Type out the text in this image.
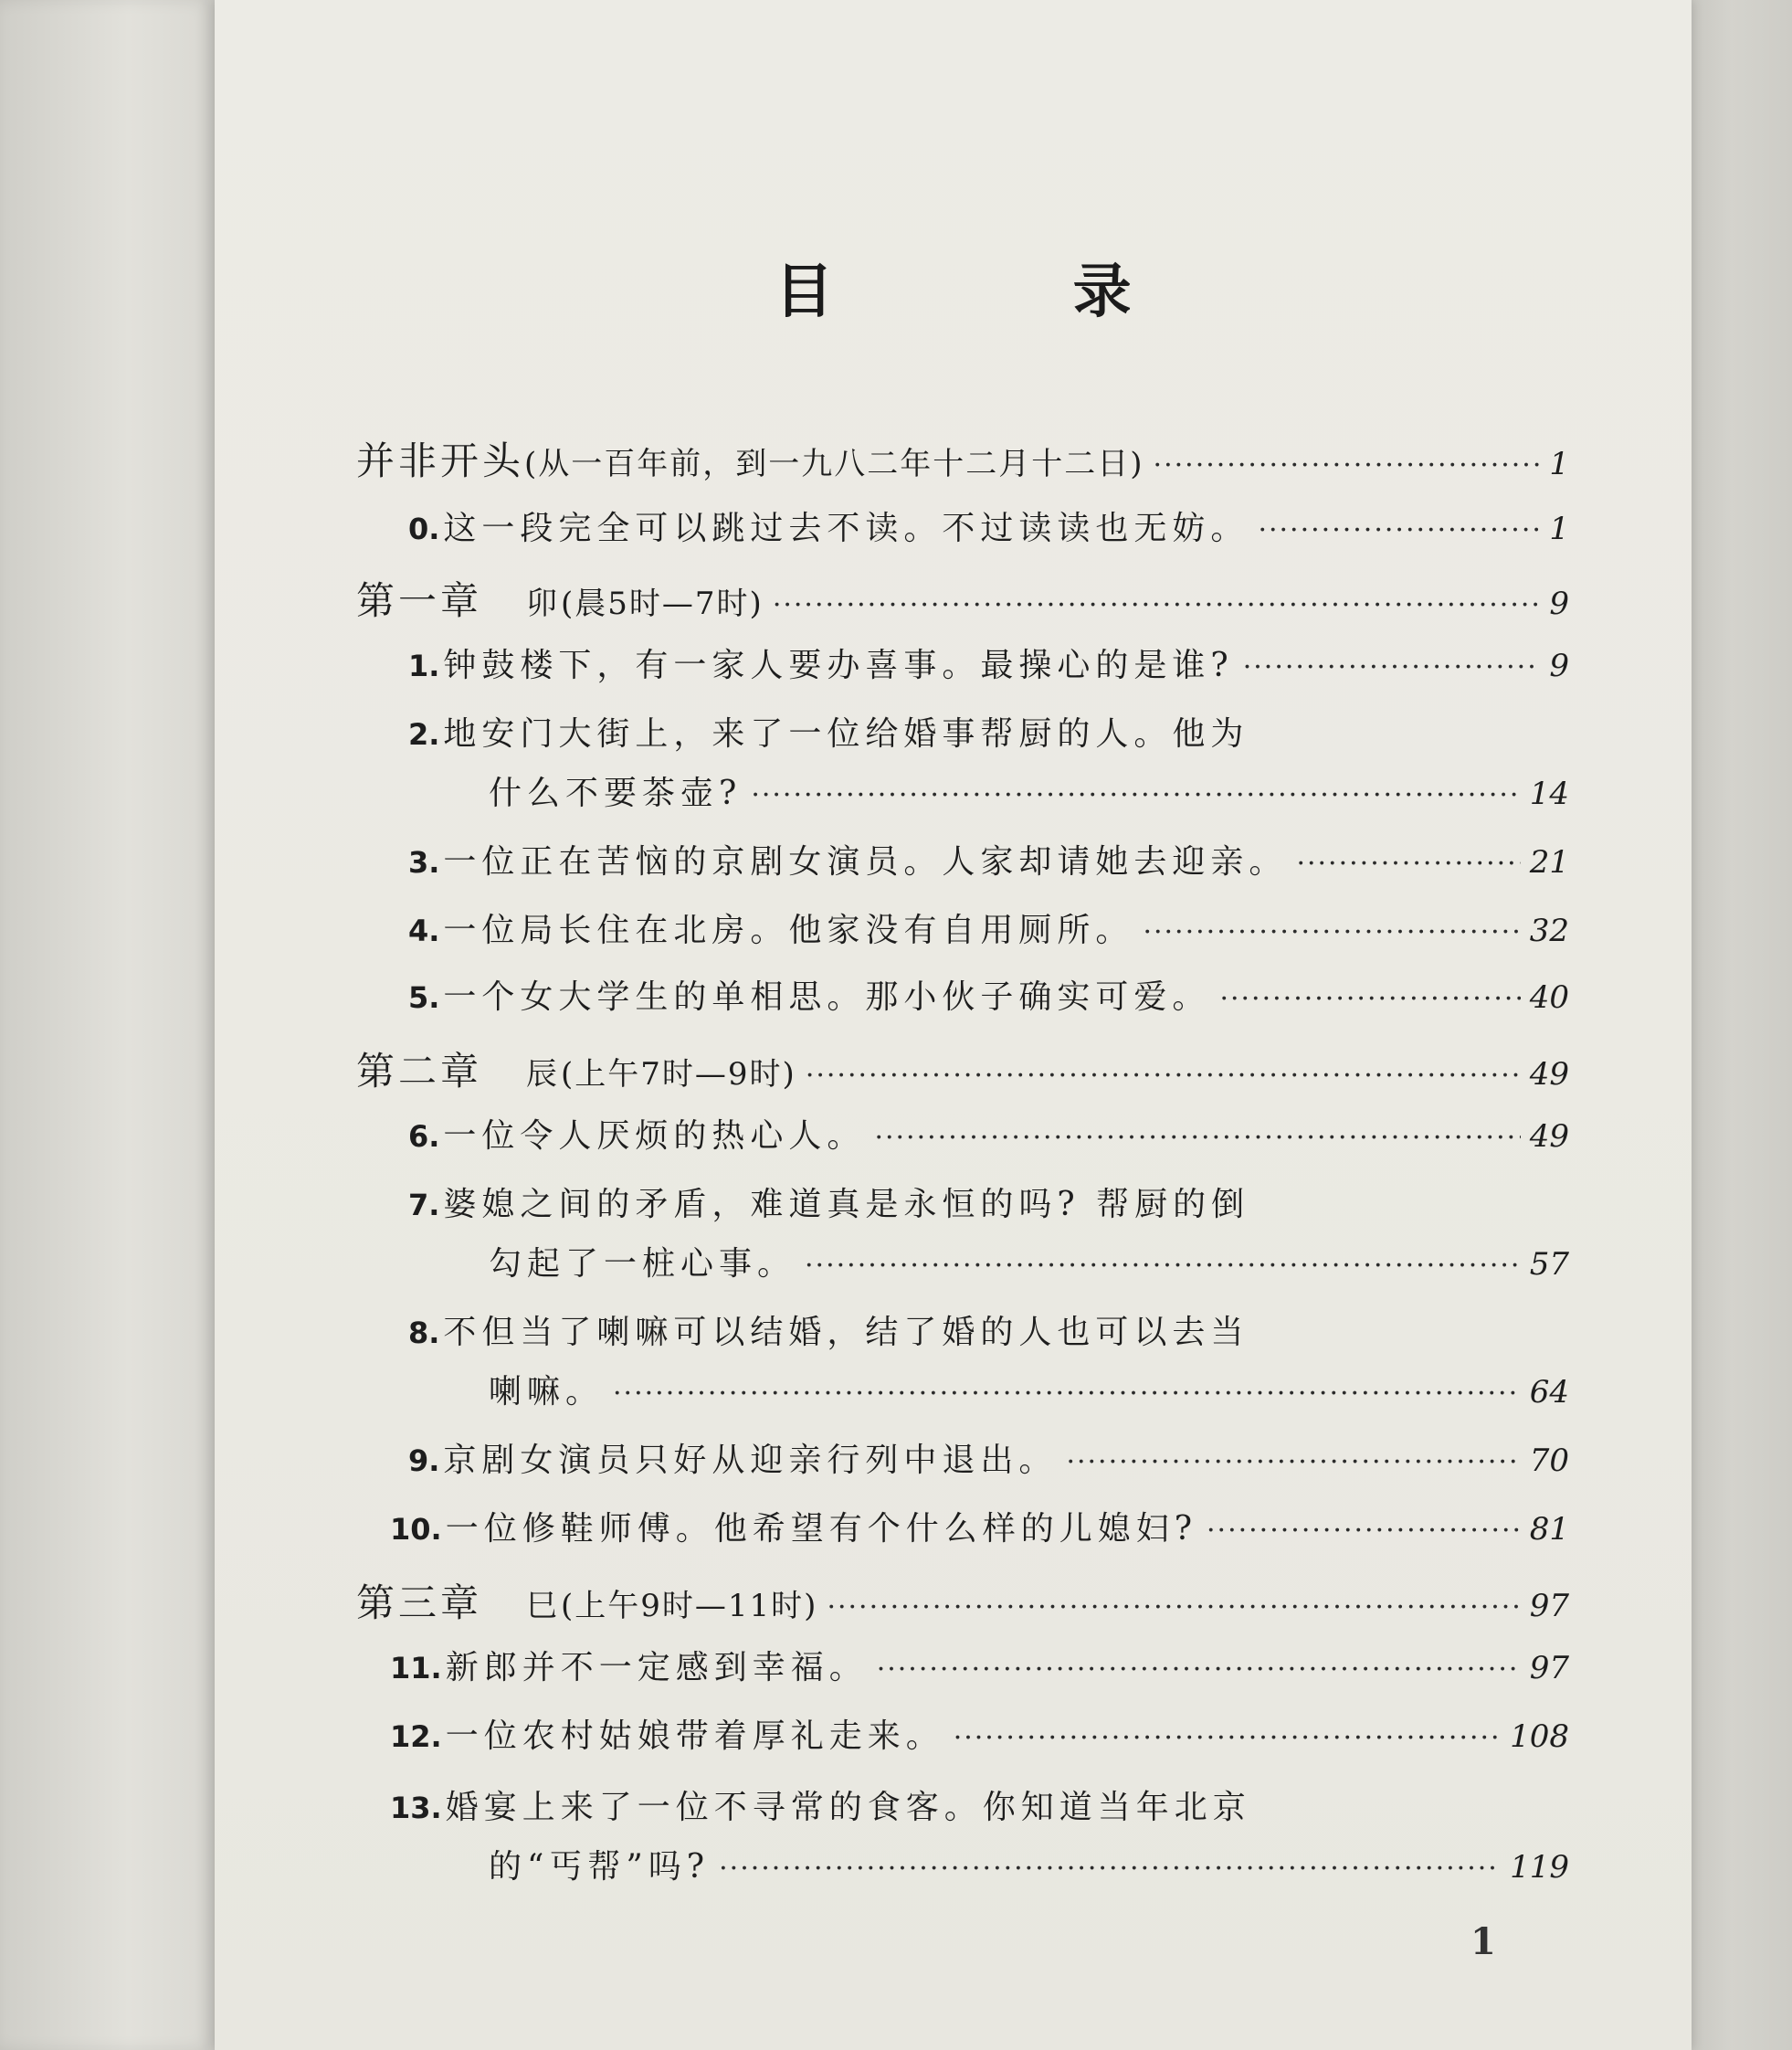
目 录
并非开头 (从一百年前，到一九八二年十二月十二日) ·····	1
0. 这一段完全可以跳过去不读。不过读读也无妨。 ·····	1
第一章 卯 (晨5时—7时) ·····	9
1. 钟鼓楼下，有一家人要办喜事。最操心的是谁? ·····	9
2. 地安门大街上，来了一位给婚事帮厨的人。他为
什么不要茶壶? ·····	14
3. 一位正在苦恼的京剧女演员。人家却请她去迎亲。 ·····	21
4. 一位局长住在北房。他家没有自用厕所。 ·····	32
5. 一个女大学生的单相思。那小伙子确实可爱。 ·····	40
第二章 辰 (上午7时—9时) ·····	49
6. 一位令人厌烦的热心人。 ·····	49
7. 婆媳之间的矛盾，难道真是永恒的吗? 帮厨的倒
勾起了一桩心事。 ·····	57
8. 不但当了喇嘛可以结婚，结了婚的人也可以去当
喇嘛。 ·····	64
9. 京剧女演员只好从迎亲行列中退出。 ·····	70
10. 一位修鞋师傅。他希望有个什么样的儿媳妇? ·····	81
第三章 巳 (上午9时—11时) ·····	97
11. 新郎并不一定感到幸福。 ·····	97
12. 一位农村姑娘带着厚礼走来。 ·····	108
13. 婚宴上来了一位不寻常的食客。你知道当年北京
的“丐帮”吗? ·····	119
1
